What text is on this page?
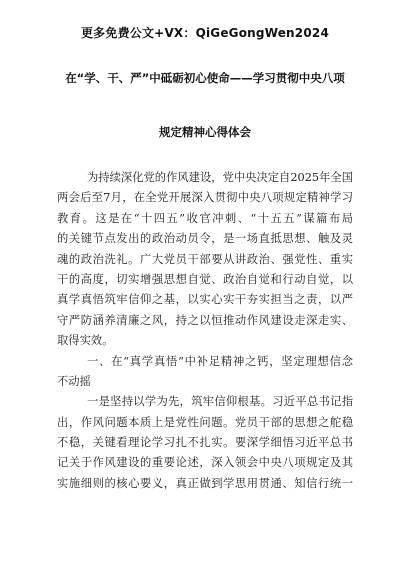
更多免费公文+VX：QiGeGongWen2024
在“学、干、严”中砥砺初心使命——学习贯彻中央八项
规定精神心得体会
为持续深化党的作风建设，党中央决定自2025年全国
两会后至7月，在全党开展深入贯彻中央八项规定精神学习
教育。这是在“十四五”收官冲刺、“十五五”谋篇布局
的关键节点发出的政治动员令，是一场直抵思想、触及灵
魂的政治洗礼。广大党员干部要从讲政治、强党性、重实
干的高度，切实增强思想自觉、政治自觉和行动自觉，以
真学真悟筑牢信仰之基，以实心实干夯实担当之责，以严
守严防涵养清廉之风，持之以恒推动作风建设走深走实、
取得实效。
一、在“真学真悟”中补足精神之钙，坚定理想信念
不动摇
一是坚持以学为先，筑牢信仰根基。习近平总书记指
出，作风问题本质上是党性问题。党员干部的思想之舵稳
不稳，关键看理论学习扎不扎实。要深学细悟习近平总书
记关于作风建设的重要论述，深入领会中央八项规定及其
实施细则的核心要义，真正做到学思用贯通、知信行统一
